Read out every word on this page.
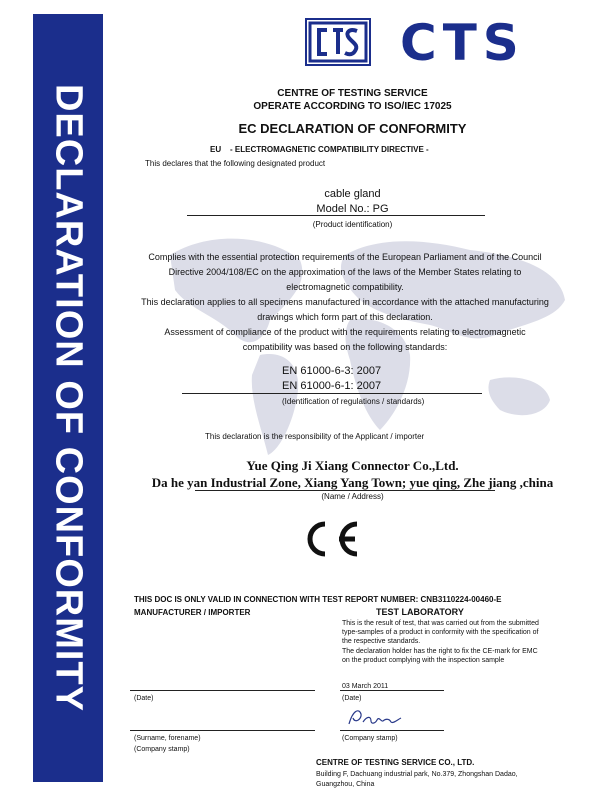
DECLARATION OF CONFORMITY
CTS
CENTRE OF TESTING SERVICE
OPERATE ACCORDING TO ISO/IEC 17025
EC DECLARATION OF CONFORMITY
EU    - ELECTROMAGNETIC COMPATIBILITY DIRECTIVE -
This declares that the following designated product
cable gland
Model No.: PG
(Product identification)
Complies with the essential protection requirements of the European Parliament and of the Council Directive 2004/108/EC on the approximation of the laws of the Member States relating to electromagnetic compatibility.
This declaration applies to all specimens manufactured in accordance with the attached manufacturing drawings which form part of this declaration.
Assessment of compliance of the product with the requirements relating to electromagnetic compatibility was based on the following standards:
EN 61000-6-3: 2007
EN 61000-6-1: 2007
(Identification of regulations / standards)
This declaration is the responsibility of the Applicant / importer
Yue Qing Ji Xiang Connector Co.,Ltd.
Da he yan Industrial Zone, Xiang Yang Town; yue qing, Zhe jiang ,china
(Name / Address)
THIS DOC IS ONLY VALID IN CONNECTION WITH TEST REPORT NUMBER: CNB3110224-00460-E
MANUFACTURER / IMPORTER
(Date)
(Surname, forename)
(Company stamp)
TEST LABORATORY
This is the result of test, that was carried out from the submitted type-samples of a product in conformity with the specification of the respective standards.
The declaration holder has the right to fix the CE-mark for EMC on the product complying with the inspection sample
03 March 2011
(Date)
(Company stamp)
CENTRE OF TESTING SERVICE CO., LTD.
Building F, Dachuang industrial park, No.379, Zhongshan Dadao,
Guangzhou, China
